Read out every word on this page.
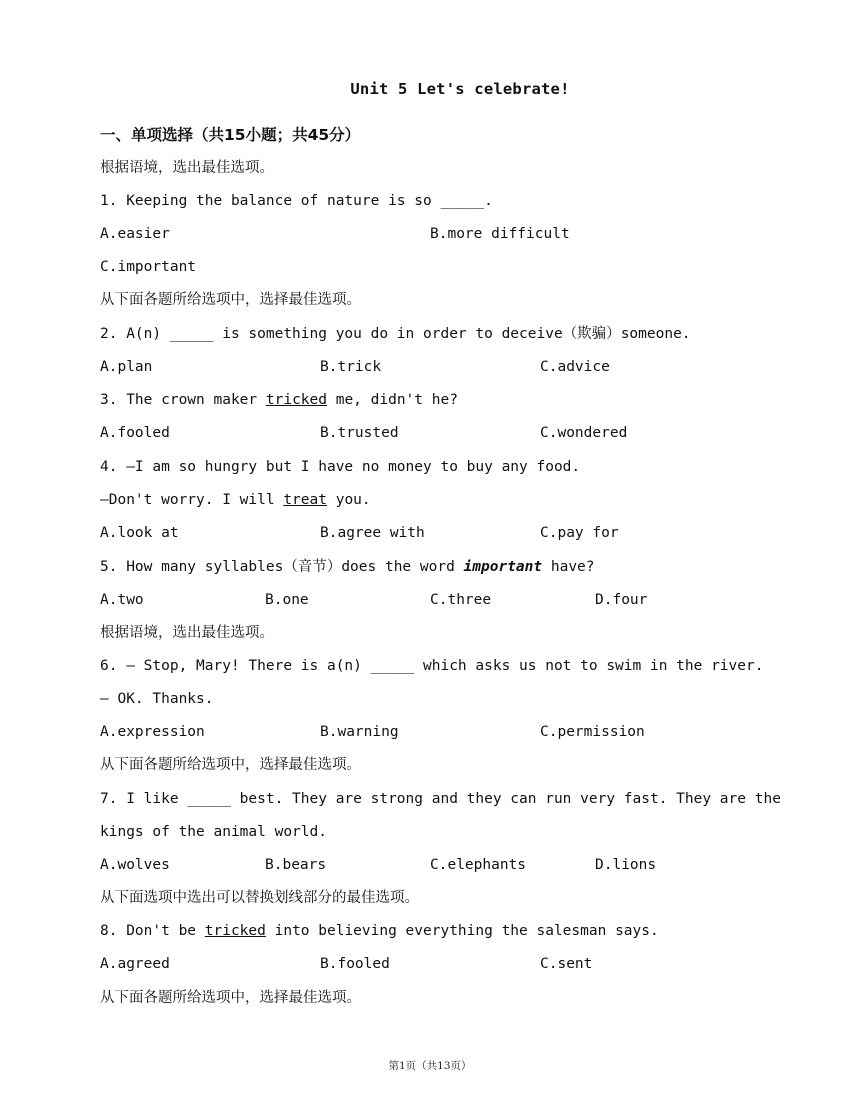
Unit 5 Let's celebrate!
一、单项选择（共15小题；共45分）
根据语境，选出最佳选项。
1. Keeping the balance of nature is so _____.
A.easier	B.more difficult
C.important
从下面各题所给选项中，选择最佳选项。
2. A(n) _____ is something you do in order to deceive（欺骗）someone.
A.plan	B.trick	C.advice
3. The crown maker tricked me, didn't he?
A.fooled	B.trusted	C.wondered
4. —I am so hungry but I have no money to buy any food.
—Don't worry. I will treat you.
A.look at	B.agree with	C.pay for
5. How many syllables（音节）does the word important have?
A.two	B.one	C.three	D.four
根据语境，选出最佳选项。
6. — Stop, Mary! There is a(n) _____ which asks us not to swim in the river.
— OK. Thanks.
A.expression	B.warning	C.permission
从下面各题所给选项中，选择最佳选项。
7. I like _____ best. They are strong and they can run very fast. They are the
kings of the animal world.
A.wolves	B.bears	C.elephants	D.lions
从下面选项中选出可以替换划线部分的最佳选项。
8. Don't be tricked into believing everything the salesman says.
A.agreed	B.fooled	C.sent
从下面各题所给选项中，选择最佳选项。
第1页（共13页）
